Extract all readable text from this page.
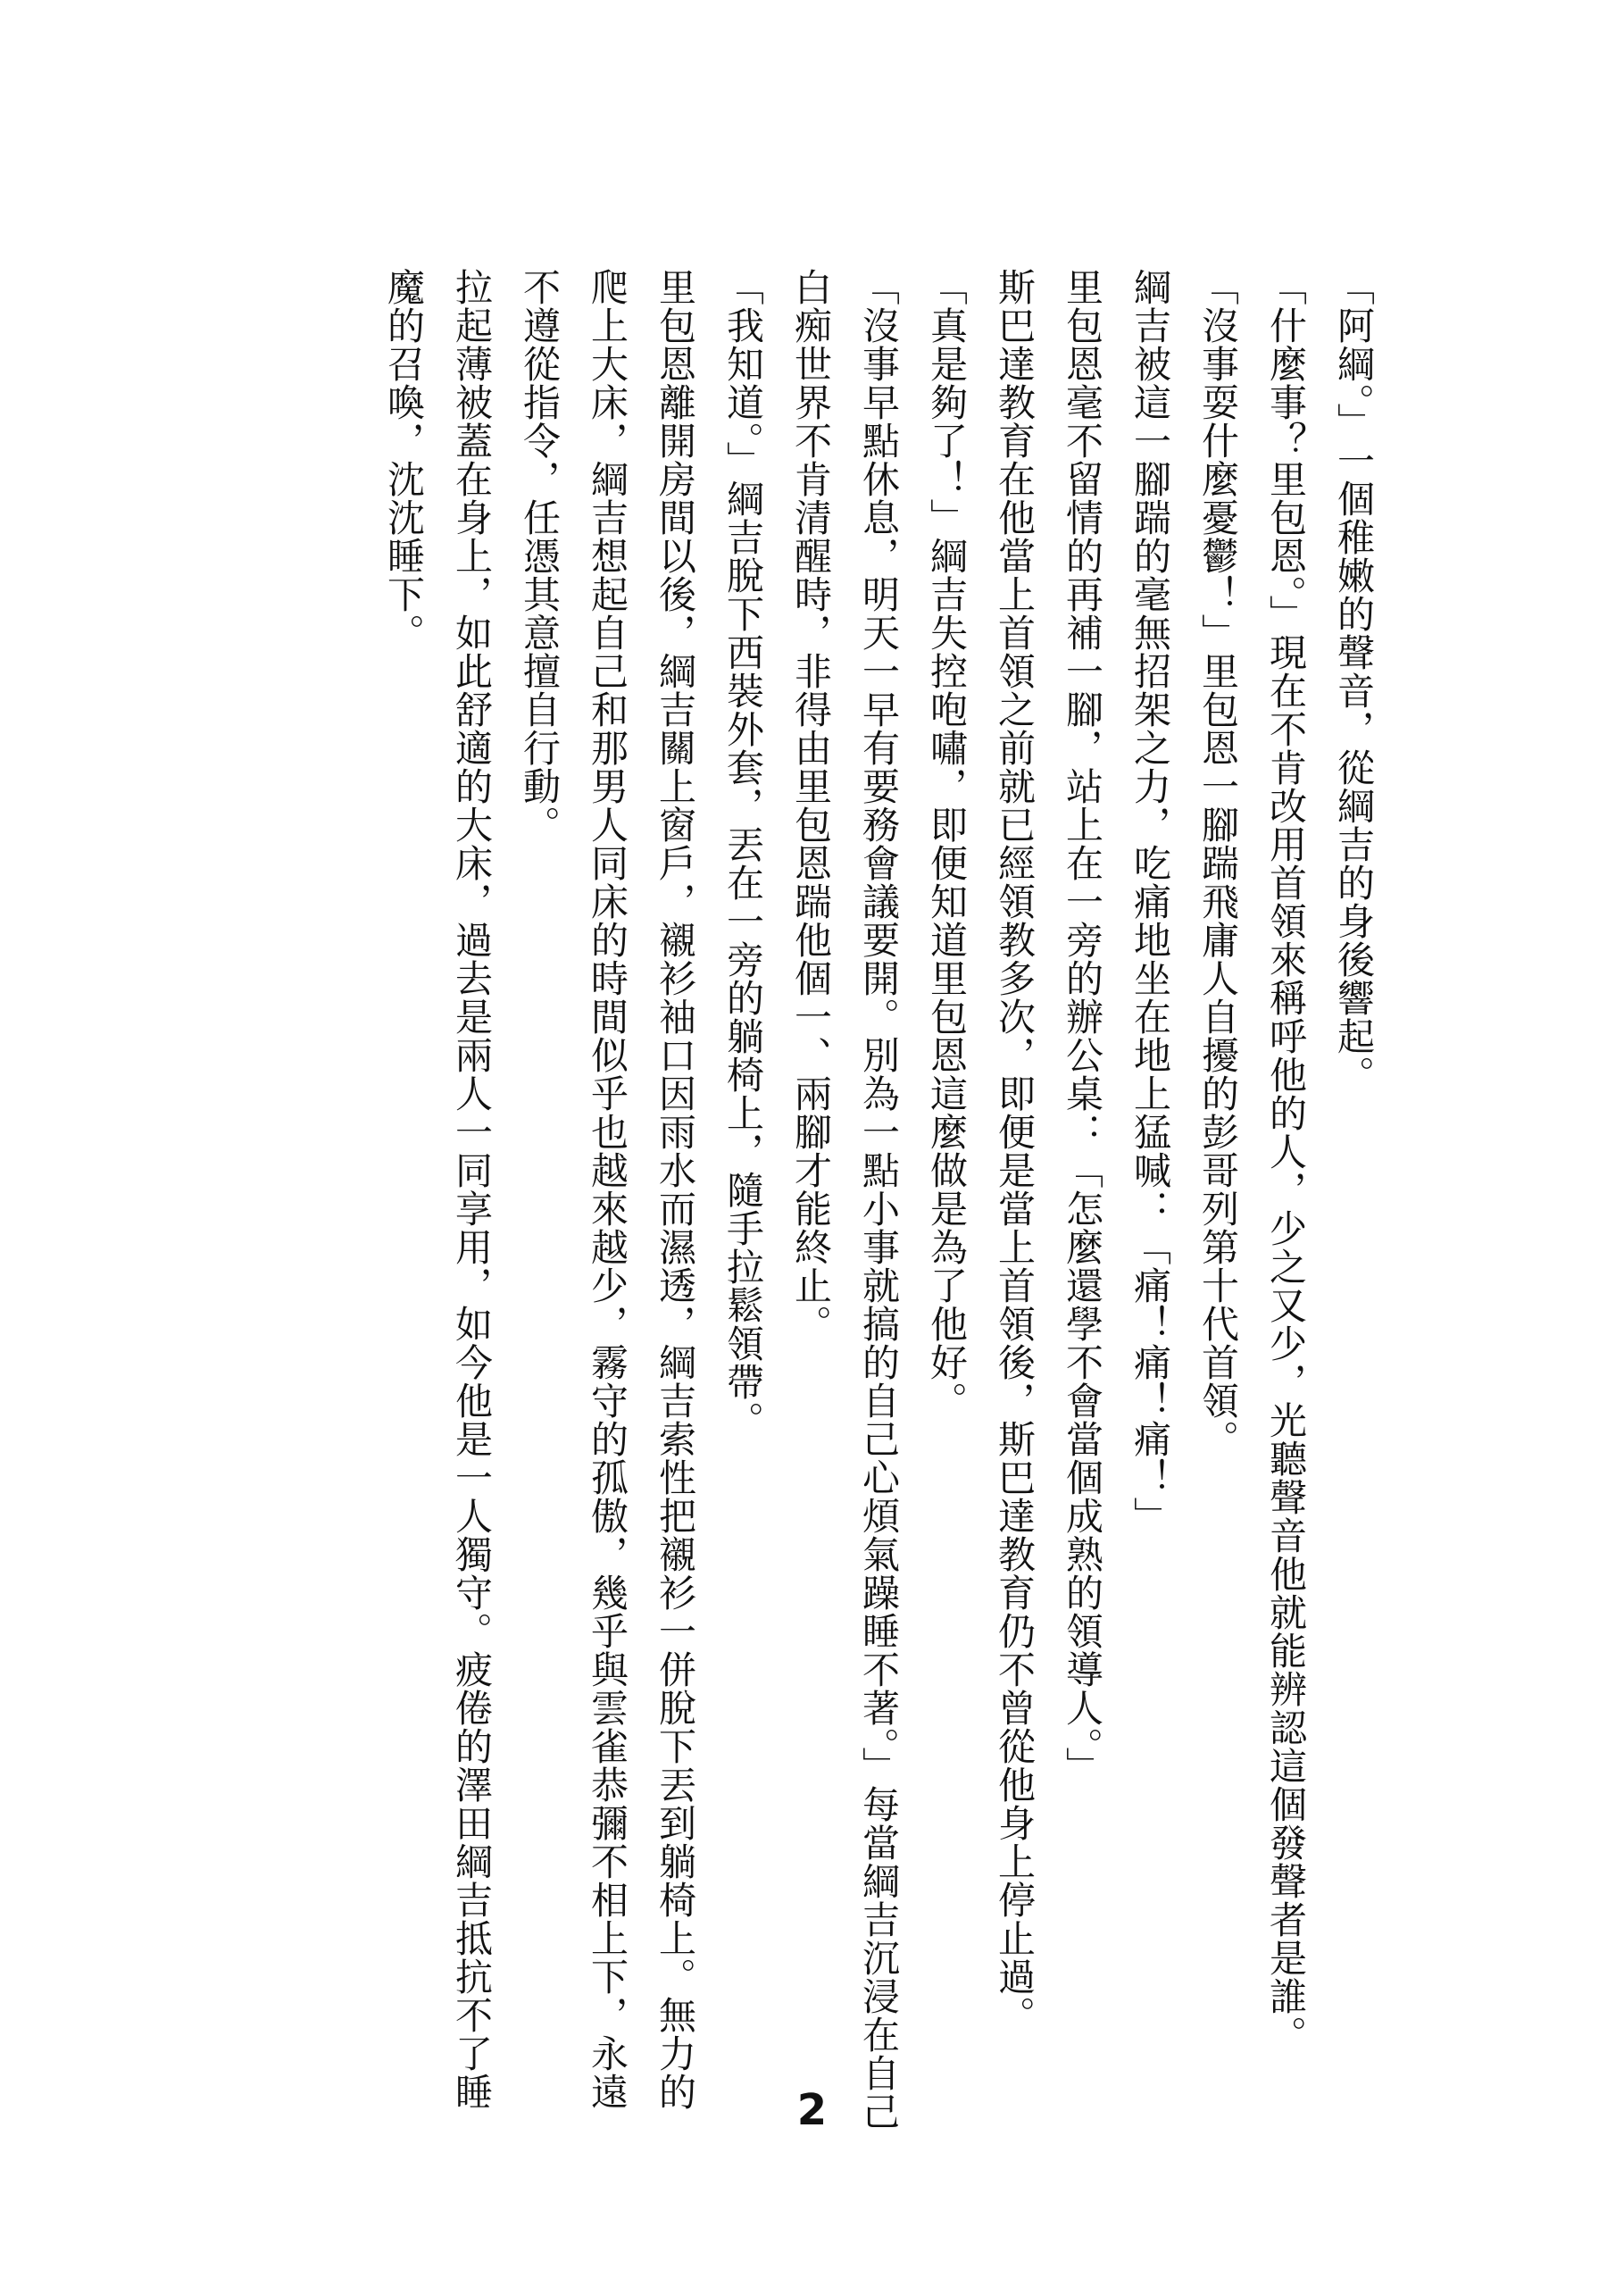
「阿綱。」一個稚嫩的聲音，從綱吉的身後響起。

「什麼事？里包恩。」現在不肯改用首領來稱呼他的人，少之又少，光聽聲音他就能辨認這個發聲者是誰。

「沒事耍什麼憂鬱！」里包恩一腳踹飛庸人自擾的彭哥列第十代首領。

綱吉被這一腳踹的毫無招架之力，吃痛地坐在地上猛喊：「痛！痛！痛！」

里包恩毫不留情的再補一腳，站上在一旁的辦公桌：「怎麼還學不會當個成熟的領導人。」

斯巴達教育在他當上首領之前就已經領教多次，即便是當上首領後，斯巴達教育仍不曾從他身上停止過。

「真是夠了！」綱吉失控咆嘯，即便知道里包恩這麼做是為了他好。

「沒事早點休息，明天一早有要務會議要開。別為一點小事就搞的自己心煩氣躁睡不著。」每當綱吉沉浸在自己白痴世界不肯清醒時，非得由里包恩踹他個一、兩腳才能終止。

「我知道。」綱吉脫下西裝外套，丟在一旁的躺椅上，隨手拉鬆領帶。

里包恩離開房間以後，綱吉關上窗戶，襯衫袖口因雨水而濕透，綱吉索性把襯衫一併脫下丟到躺椅上。無力的爬上大床，綱吉想起自己和那男人同床的時間似乎也越來越少，霧守的孤傲，幾乎與雲雀恭彌不相上下，永遠不遵從指令，任憑其意擅自行動。

拉起薄被蓋在身上，如此舒適的大床，過去是兩人一同享用，如今他是一人獨守。疲倦的澤田綱吉抵抗不了睡魔的召喚，沈沈睡下。

2
